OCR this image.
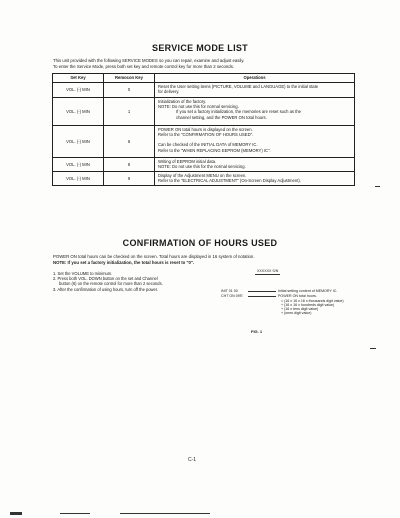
SERVICE MODE LIST
This unit provided with the following SERVICE MODES so you can repair, examine and adjust easily.
To enter the Service Mode, press both set key and remote control key for more than 2 seconds.
Set Key	Remocon Key	Operations
VOL. (-) MIN	0	Reset the User setting items (PICTURE, VOLUME and LANGUAGE) to the initial state
for delivery.

VOL. (-) MIN	1	Initialization of the factory.
NOTE: Do not use this for normal servicing.
If you set a factory initialization, the memories are reset such as the
channel setting, and the POWER ON total hours.

VOL. (-) MIN	6	POWER ON total hours is displayed on the screen.
Refer to the "CONFIRMATION OF HOURS USED".
Can be checked of the INITIAL DATA of MEMORY IC.
Refer to the "WHEN REPLACING EEPROM (MEMORY) IC".

VOL. (-) MIN	8	Writing of EEPROM initial data.
NOTE: Do not use this for the normal servicing.

VOL. (-) MIN	9	Display of the Adjustment MENU on the screen.
Refer to the "ELECTRICAL ADJUSTMENT" (On-Screen Display Adjustment).
CONFIRMATION OF HOURS USED
POWER ON total hours can be checked on the screen. Total hours are displayed in 16 system of notation.
NOTE: If you set a factory initialization, the total hours is reset to "0".
1. Set the VOLUME to minimum.
2. Press both VOL. DOWN button on the set and Channel
button (6) on the remote control for more than 2 seconds.
3. After the confirmation of using hours, turn off the power.
XXXXXX S/N
INIT 01 00
CHT ON 09'E
Initial setting content of MEMORY IC.
POWER ON total hours.
= (16 x 16 x 16 x thousands digit value)
+ (16 x 16 x hundreds digit value)
+ (16 x tens digit value)
+ (ones digit value)
FIG. 1
C-1
